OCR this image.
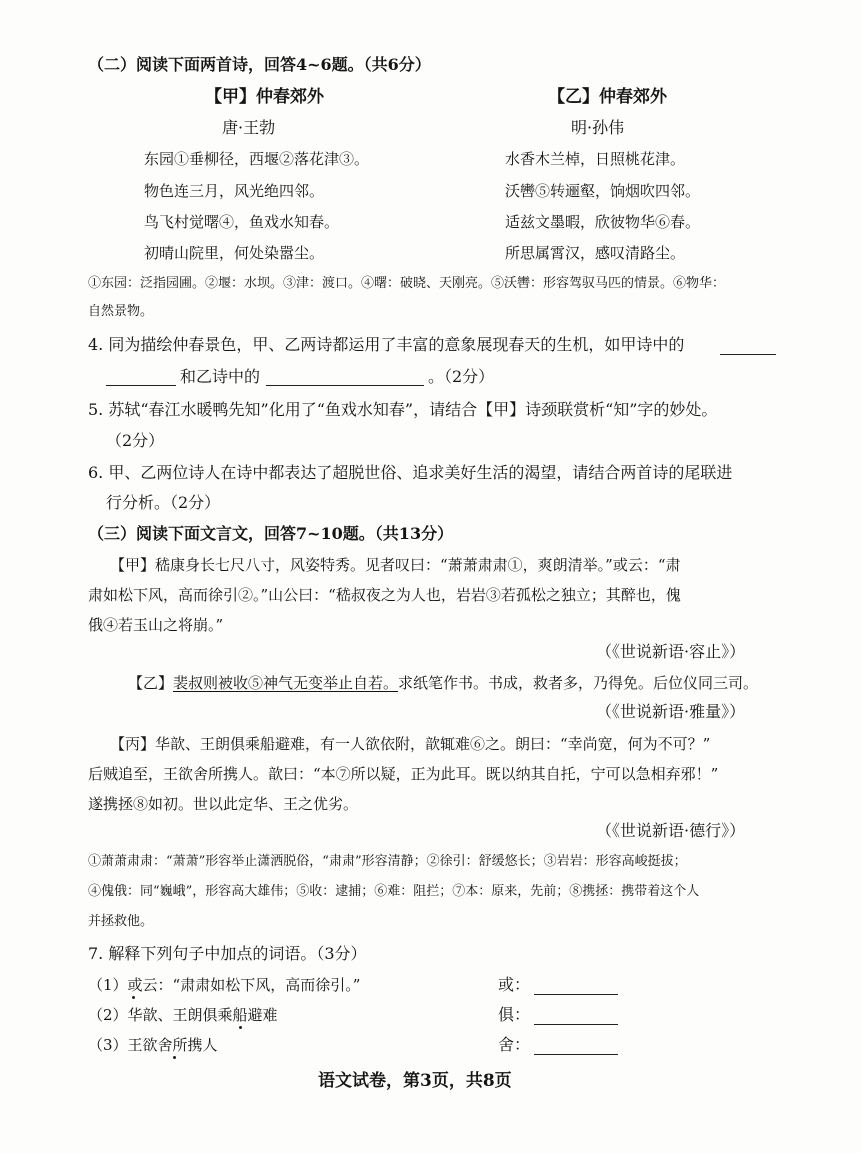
（二）阅读下面两首诗，回答4~6题。（共6分）
【甲】仲春郊外
唐·王勃
东园①垂柳径，西堰②落花津③。
物色连三月，风光绝四邻。
鸟飞村觉曙④，鱼戏水知春。
初晴山院里，何处染嚣尘。
【乙】仲春郊外
明·孙伟
水香木兰棹，日照桃花津。
沃轡⑤转逦壑，饷烟吹四邻。
适兹文墨暇，欣彼物华⑥春。
所思属霄汉，感叹清路尘。
①东园：泛指园圃。②堰：水坝。③津：渡口。④曙：破晓、天刚亮。⑤沃轡：形容驾驭马匹的情景。⑥物华：
自然景物。
4. 同为描绘仲春景色，甲、乙两诗都运用了丰富的意象展现春天的生机，如甲诗中的
和乙诗中的	。（2分）
5. 苏轼“春江水暖鸭先知”化用了“鱼戏水知春”，请结合【甲】诗颈联赏析“知”字的妙处。
（2分）
6. 甲、乙两位诗人在诗中都表达了超脱世俗、追求美好生活的渴望，请结合两首诗的尾联进
行分析。（2分）
（三）阅读下面文言文，回答7~10题。（共13分）
【甲】嵇康身长七尺八寸，风姿特秀。见者叹曰：“萧萧肃肃①，爽朗清举。”或云：“肃
肃如松下风，高而徐引②。”山公曰：“嵇叔夜之为人也，岩岩③若孤松之独立；其醉也，傀
俄④若玉山之将崩。”
（《世说新语·容止》）
【乙】裴叔则被收⑤神气无变举止自若。求纸笔作书。书成，救者多，乃得免。后位仪同三司。
（《世说新语·雅量》）
【丙】华歆、王朗俱乘船避难，有一人欲依附，歆辄难⑥之。朗曰：“幸尚宽，何为不可？”
后贼追至，王欲舍所携人。歆曰：“本⑦所以疑，正为此耳。既以纳其自托，宁可以急相弃邪！”
遂携拯⑧如初。世以此定华、王之优劣。
（《世说新语·德行》）
①萧萧肃肃：“萧萧”形容举止潇洒脱俗，“肃肃”形容清静；②徐引：舒缓悠长；③岩岩：形容高峻挺拔；
④傀俄：同“巍峨”，形容高大雄伟；⑤收：逮捕；⑥难：阻拦；⑦本：原来，先前；⑧携拯：携带着这个人
并拯救他。
7. 解释下列句子中加点的词语。（3分）
（1）或云：“肃肃如松下风，高而徐引。”	或：
（2）华歆、王朗俱乘船避难	俱：
（3）王欲舍所携人	舍：
语文试卷，第3页，共8页
